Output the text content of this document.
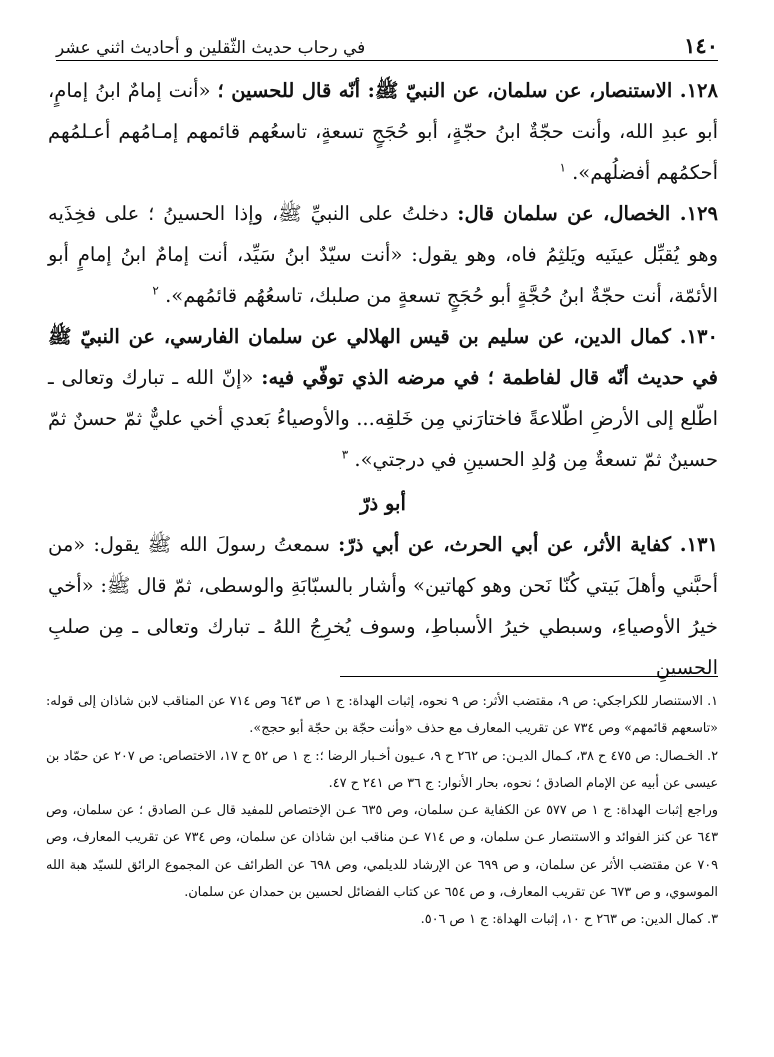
١٤٠
في رحاب حديث الثّقلين و أحاديث اثني عشر

١٢٨. الاستنصار، عن سلمان، عن النبيّ ﷺ: أنّه قال للحسين ؛ «أنت إمامٌ ابنُ إمامٍ، أبو عبدِ الله، وأنت حجّةٌ ابنُ حجّةٍ، أبو حُجَجٍ تسعةٍ، تاسعُهم قائمهم إمـامُهم أعـلمُهم أحكمُهم أفضلُهم». $^١$

١٢٩. الخصال، عن سلمان قال: دخلتُ على النبيِّ ﷺ، وإذا الحسينُ ؛ على فخِذَيه وهو يُقبِّل عينَيه ويَلثِمُ فاه، وهو يقول: «أنت سيّدٌ ابنُ سَيِّد، أنت إمامٌ ابنُ إمامٍ أبو الأئمّة، أنت حجّةٌ ابنُ حُجَّةٍ أبو حُجَجٍ تسعةٍ من صلبك، تاسعُهُم قائمُهم». $^٢$

١٣٠. كمال الدين، عن سليم بن قيس الهلالي عن سلمان الفارسي، عن النبيّ ﷺ في حديث أنّه قال لفاطمة ؛ في مرضه الذي توفّي فيه: «إنّ الله ـ تبارك وتعالى ـ اطّلع إلى الأرضِ اطّلاعةً فاختارَني مِن خَلقِه... والأوصياءُ بَعدي أخي عليٌّ ثمّ حسنٌ ثمّ حسينٌ ثمّ تسعةٌ مِن وُلدِ الحسينِ في درجتي». $^٣$

أبو ذرّ

١٣١. كفاية الأثر، عن أبي الحرث، عن أبي ذرّ: سمعتُ رسولَ الله ﷺ يقول: «من أحبَّني وأهلَ بَيتي كُنّا نَحن وهو كهاتين» وأشار بالسبّابَةِ والوسطى، ثمّ قال ﷺ: «أخي خيرُ الأوصياءِ، وسبطي خيرُ الأسباطِ، وسوف يُخرِجُ اللهُ ـ تبارك وتعالى ـ مِن صلبِ الحسينِ

١. الاستنصار للكراجكي: ص ٩، مقتضب الأثر: ص ٩ نحوه، إثبات الهداة: ج ١ ص ٦٤٣ وص ٧١٤ عن المناقب لابن شاذان إلى قوله: «تاسعهم قائمهم» وص ٧٣٤ عن تقريب المعارف مع حذف «وأنت حجّة بن حجّة أبو حجج».

٢. الخـصال: ص ٤٧٥ ح ٣٨، كـمال الديـن: ص ٢٦٢ ح ٩، عـيون أخـبار الرضا ؛: ج ١ ص ٥٢ ح ١٧، الاختصاص: ص ٢٠٧ عن حمّاد بن عيسى عن أبيه عن الإمام الصادق ؛ نحوه، بحار الأنوار: ج ٣٦ ص ٢٤١ ح ٤٧.

وراجع إثبات الهداة: ج ١ ص ٥٧٧ عن الكفاية عـن سلمان، وص ٦٣٥ عـن الإختصاص للمفيد قال عـن الصادق ؛ عن سلمان، وص ٦٤٣ عن كنز الفوائد و الاستنصار عـن سلمان، و ص ٧١٤ عـن مناقب ابن شاذان عن سلمان، وص ٧٣٤ عن تقريب المعارف، وص ٧٠٩ عن مقتضب الأثر عن سلمان، و ص ٦٩٩ عن الإرشاد للديلمي، وص ٦٩٨ عن الطرائف عن المجموع الرائق للسيّد هبة الله الموسوي، و ص ٦٧٣ عن تقريب المعارف، و ص ٦٥٤ عن كتاب الفضائل لحسين بن حمدان عن سلمان.

٣. كمال الدين: ص ٢٦٣ ح ١٠، إثبات الهداة: ج ١ ص ٥٠٦.
